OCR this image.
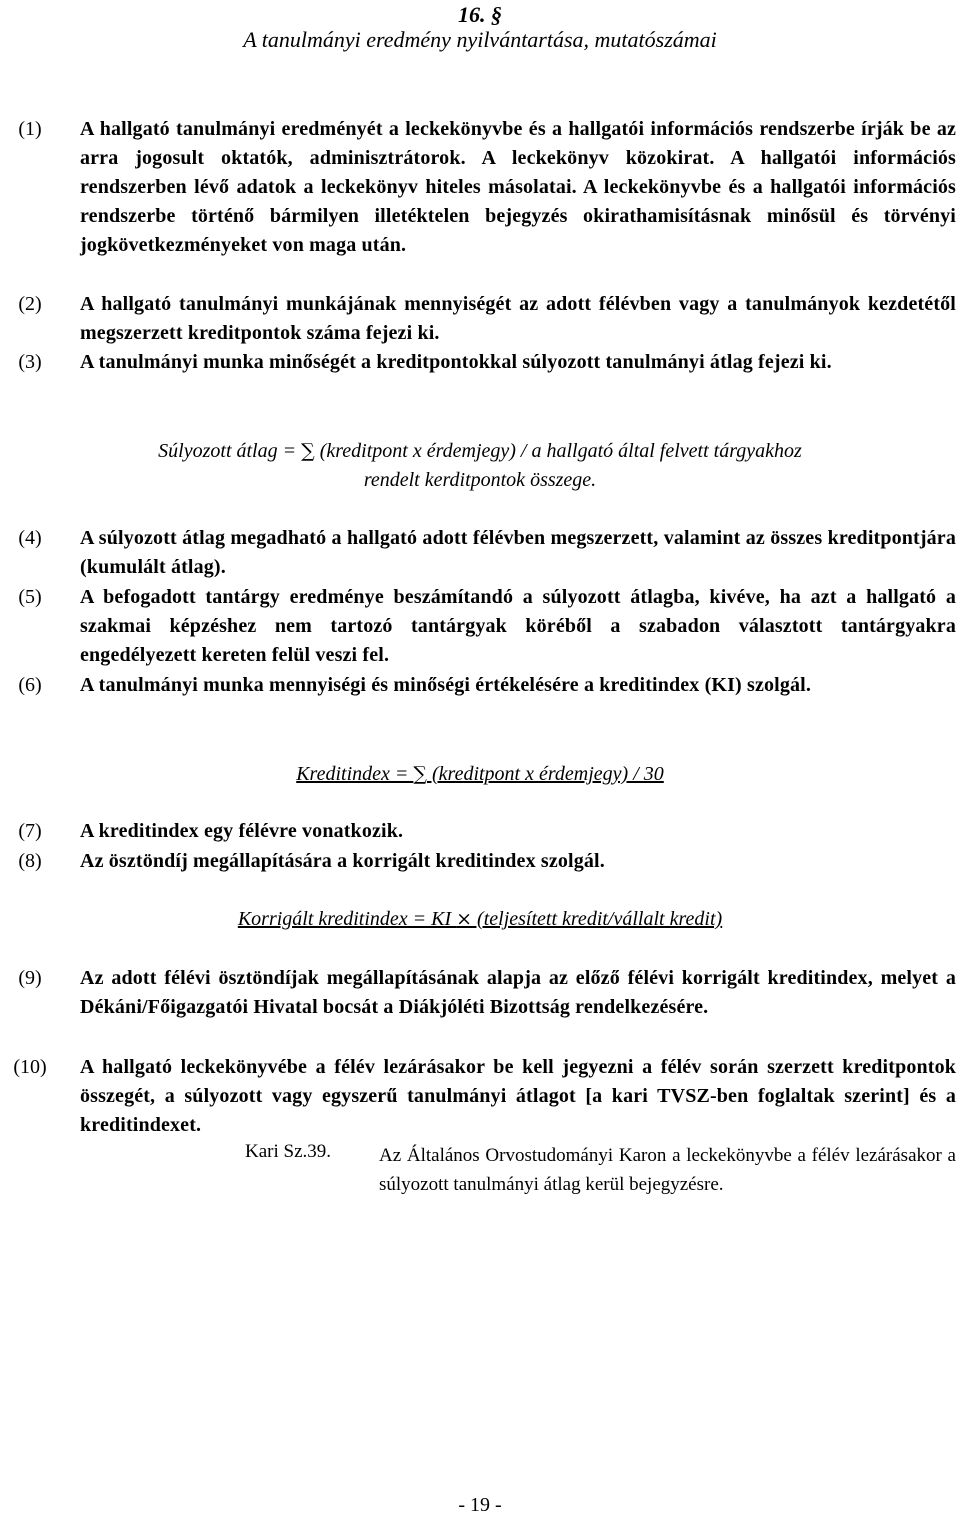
16. §
A tanulmányi eredmény nyilvántartása, mutatószámai
(1)	A hallgató tanulmányi eredményét a leckekönyvbe és a hallgatói információs rendszerbe írják be az arra jogosult oktatók, adminisztrátorok. A leckekönyv közokirat. A hallgatói információs rendszerben lévő adatok a leckekönyv hiteles másolatai. A leckekönyvbe és a hallgatói információs rendszerbe történő bármilyen illetéktelen bejegyzés okirathamisításnak minősül és törvényi jogkövetkezményeket von maga után.
(2)	A hallgató tanulmányi munkájának mennyiségét az adott félévben vagy a tanulmányok kezdetétől megszerzett kreditpontok száma fejezi ki.
(3)	A tanulmányi munka minőségét a kreditpontokkal súlyozott tanulmányi átlag fejezi ki.
Súlyozott átlag = ∑ (kreditpont x érdemjegy) / a hallgató által felvett tárgyakhoz
rendelt kerditpontok összege.
(4)	A súlyozott átlag megadható a hallgató adott félévben megszerzett, valamint az összes kreditpontjára (kumulált átlag).
(5)	A befogadott tantárgy eredménye beszámítandó a súlyozott átlagba, kivéve, ha azt a hallgató a szakmai képzéshez nem tartozó tantárgyak köréből a szabadon választott tantárgyakra engedélyezett kereten felül veszi fel.
(6)	A tanulmányi munka mennyiségi és minőségi értékelésére a kreditindex (KI) szolgál.
Kreditindex = ∑ (kreditpont x érdemjegy) / 30
(7)	A kreditindex egy félévre vonatkozik.
(8)	Az ösztöndíj megállapítására a korrigált kreditindex szolgál.
Korrigált kreditindex = KI × (teljesített kredit/vállalt kredit)
(9)	Az adott félévi ösztöndíjak megállapításának alapja az előző félévi korrigált kreditindex, melyet a Dékáni/Főigazgatói Hivatal bocsát a Diákjóléti Bizottság rendelkezésére.
(10)	A hallgató leckekönyvébe a félév lezárásakor be kell jegyezni a félév során szerzett kreditpontok összegét, a súlyozott vagy egyszerű tanulmányi átlagot [a kari TVSZ-ben foglaltak szerint] és a kreditindexet.
Kari Sz.39.	Az Általános Orvostudományi Karon a leckekönyvbe a félév lezárásakor a súlyozott tanulmányi átlag kerül bejegyzésre.
- 19 -
